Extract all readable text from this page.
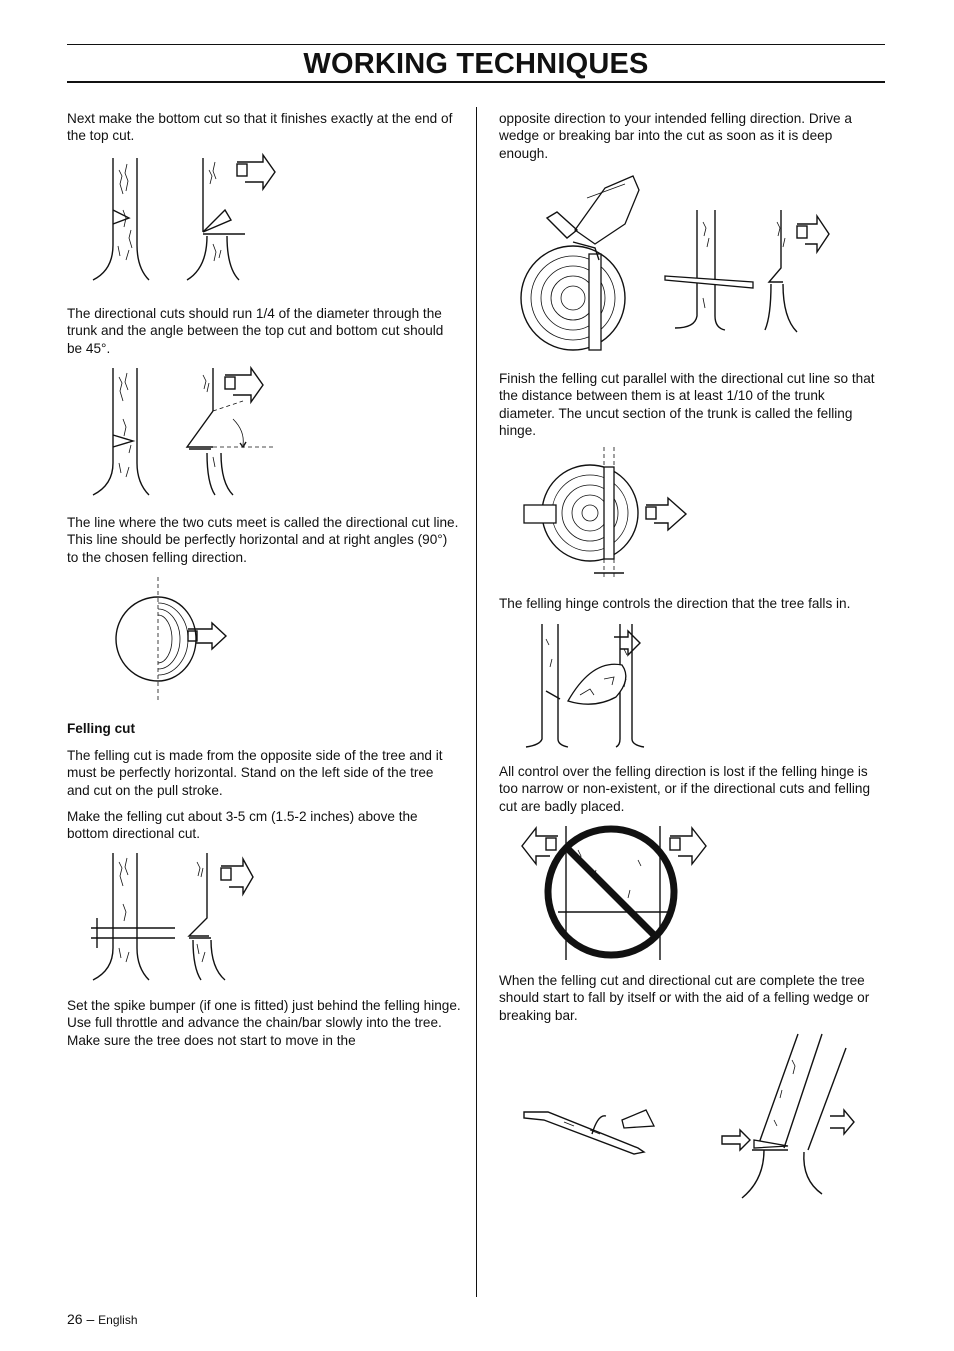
WORKING TECHNIQUES

Next make the bottom cut so that it finishes exactly at the end of the top cut.

The directional cuts should run 1/4 of the diameter through the trunk and the angle between the top cut and bottom cut should be 45°.

The line where the two cuts meet is called the directional cut line. This line should be perfectly horizontal and at right angles (90°) to the chosen felling direction.

Felling cut

The felling cut is made from the opposite side of the tree and it must be perfectly horizontal. Stand on the left side of the tree and cut on the pull stroke.

Make the felling cut about 3-5 cm (1.5-2 inches) above the bottom directional cut.

Set the spike bumper (if one is fitted) just behind the felling hinge. Use full throttle and advance the chain/bar slowly into the tree. Make sure the tree does not start to move in the

opposite direction to your intended felling direction. Drive a wedge or breaking bar into the cut as soon as it is deep enough.

Finish the felling cut parallel with the directional cut line so that the distance between them is at least 1/10 of the trunk diameter. The uncut section of the trunk is called the felling hinge.

The felling hinge controls the direction that the tree falls in.

All control over the felling direction is lost if the felling hinge is too narrow or non-existent, or if the directional cuts and felling cut are badly placed.

When the felling cut and directional cut are complete the tree should start to fall by itself or with the aid of a felling wedge or breaking bar.

26 – English
